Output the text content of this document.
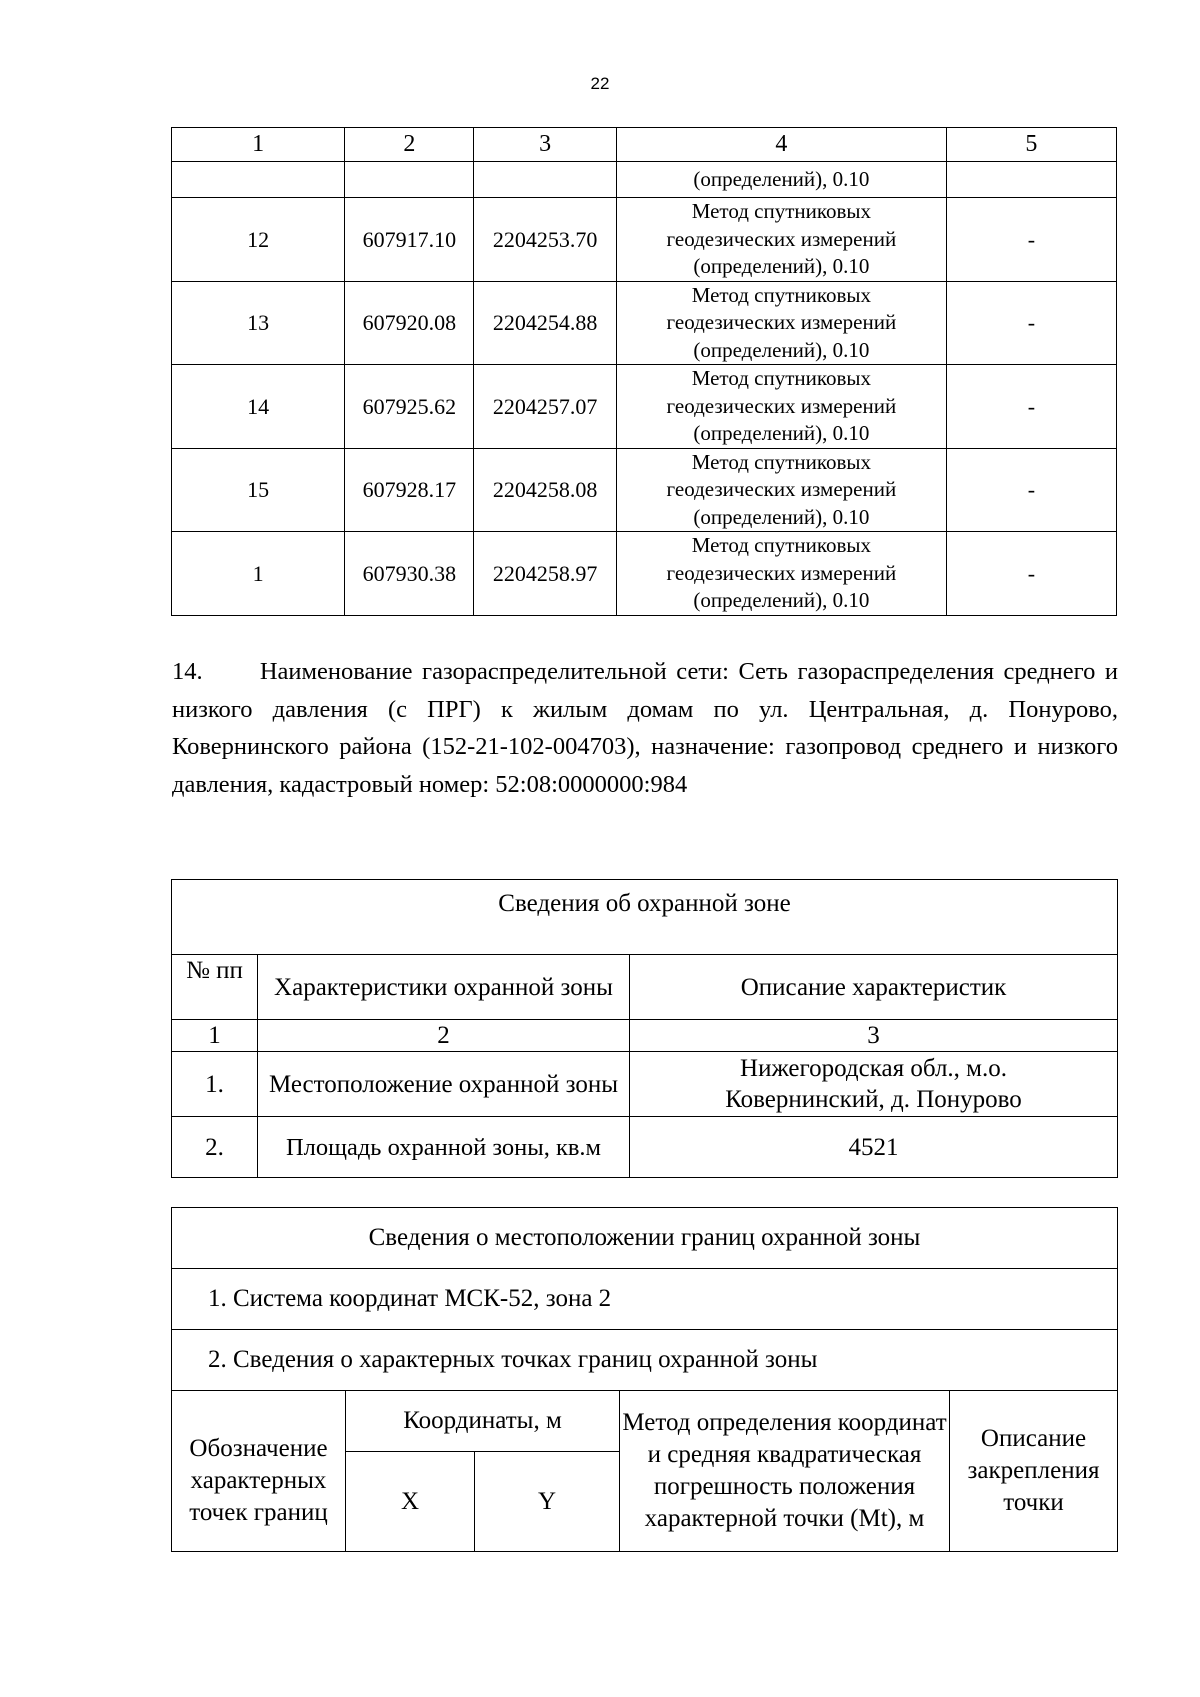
22
1	2	3	4	5
			(определений), 0.10	
12	607917.10	2204253.70	Метод спутниковых
геодезических измерений
(определений), 0.10	-
13	607920.08	2204254.88	Метод спутниковых
геодезических измерений
(определений), 0.10	-
14	607925.62	2204257.07	Метод спутниковых
геодезических измерений
(определений), 0.10	-
15	607928.17	2204258.08	Метод спутниковых
геодезических измерений
(определений), 0.10	-
1	607930.38	2204258.97	Метод спутниковых
геодезических измерений
(определений), 0.10	-
14.      Наименование газораспределительной сети: Сеть газораспределения среднего и низкого давления (с ПРГ) к жилым домам по ул. Центральная, д. Понурово, Ковернинского района (152-21-102-004703), назначение: газопровод среднего и низкого давления, кадастровый номер: 52:08:0000000:984
Сведения об охранной зоне		
№ пп	Характеристики охранной зоны	Описание характеристик
1	2	3
1.	Местоположение охранной зоны	Нижегородская обл., м.о.
Ковернинский, д. Понурово
2.	Площадь охранной зоны, кв.м	4521
Сведения о местоположении границ охранной зоны				
1. Система координат МСК-52, зона 2				
2. Сведения о характерных точках границ охранной зоны				
Обозначение характерных точек границ	Координаты, м		Метод определения координат и средняя квадратическая погрешность положения характерной точки (Mt), м	Описание закрепления точки
	X	Y		
